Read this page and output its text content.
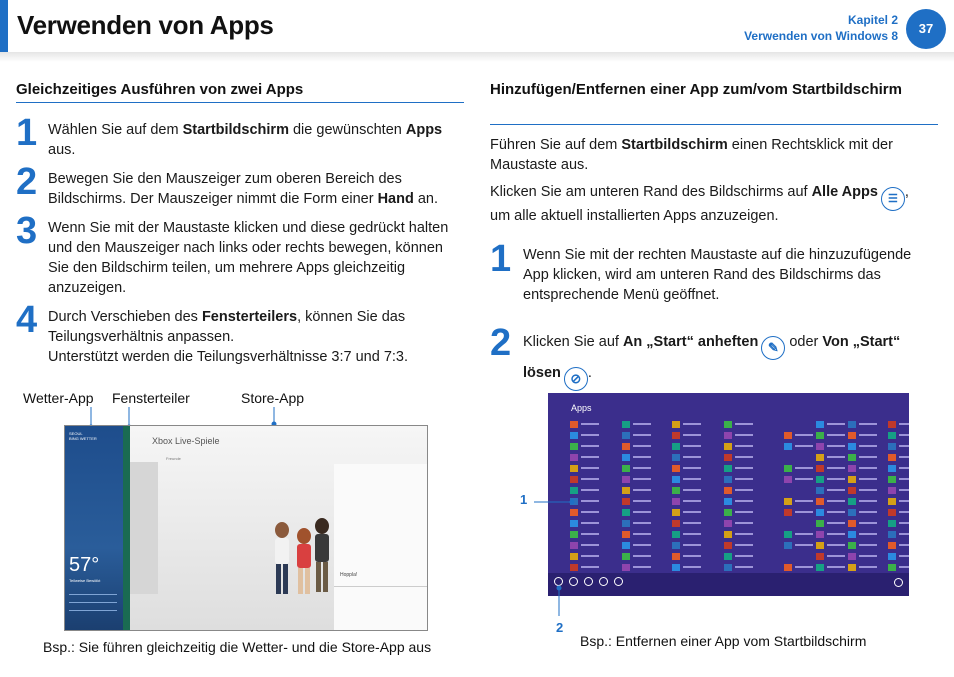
Verwenden von Apps	Kapitel 2
Verwenden von Windows 8	37
Gleichzeitiges Ausführen von zwei Apps
1 Wählen Sie auf dem Startbildschirm die gewünschten Apps aus.
2 Bewegen Sie den Mauszeiger zum oberen Bereich des Bildschirms. Der Mauszeiger nimmt die Form einer Hand an.
3 Wenn Sie mit der Maustaste klicken und diese gedrückt halten und den Mauszeiger nach links oder rechts bewegen, können Sie den Bildschirm teilen, um mehrere Apps gleichzeitig anzuzeigen.
4 Durch Verschieben des Fensterteilers, können Sie das Teilungsverhältnis anpassen.
Unterstützt werden die Teilungsverhältnisse 3:7 und 7:3.
Wetter-App Fensterteiler	Store-App
SEOUL
BING WETTER
57°
Teilweise Bewölkt
Xbox Live-Spiele
Freunde
Hoppla!
Bsp.: Sie führen gleichzeitig die Wetter- und die Store-App aus
Hinzufügen/Entfernen einer App zum/vom Startbildschirm
Führen Sie auf dem Startbildschirm einen Rechtsklick mit der Maustaste aus.
Klicken Sie am unteren Rand des Bildschirms auf Alle Apps ☰ ,
um alle aktuell installierten Apps anzuzeigen.
1 Wenn Sie mit der rechten Maustaste auf die hinzuzufügende App klicken, wird am unteren Rand des Bildschirms das entsprechende Menü geöffnet.
2 Klicken Sie auf An „Start“ anheften ✎ oder Von „Start“
lösen ⊘ .
Apps
1
2
Bsp.: Entfernen einer App vom Startbildschirm
